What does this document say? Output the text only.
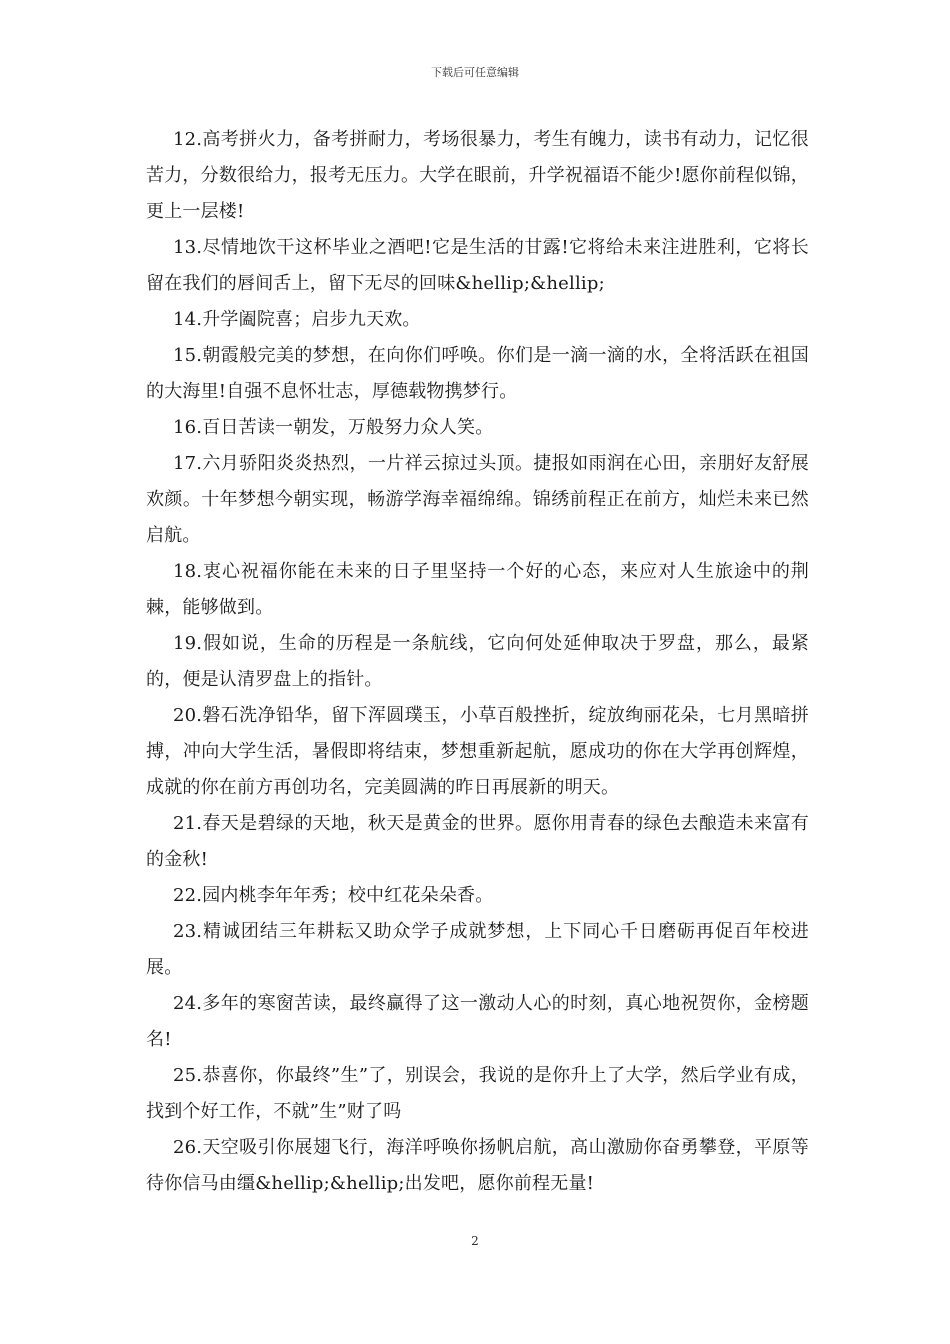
下载后可任意编辑

12.高考拼火力，备考拼耐力，考场很暴力，考生有魄力，读书有动力，记忆很苦力，分数很给力，报考无压力。大学在眼前，升学祝福语不能少!愿你前程似锦，更上一层楼!

13.尽情地饮干这杯毕业之酒吧!它是生活的甘露!它将给未来注进胜利，它将长留在我们的唇间舌上，留下无尽的回味&hellip;&hellip;

14.升学阖院喜；启步九天欢。

15.朝霞般完美的梦想，在向你们呼唤。你们是一滴一滴的水，全将活跃在祖国的大海里!自强不息怀壮志，厚德载物携梦行。

16.百日苦读一朝发，万般努力众人笑。

17.六月骄阳炎炎热烈，一片祥云掠过头顶。捷报如雨润在心田，亲朋好友舒展欢颜。十年梦想今朝实现，畅游学海幸福绵绵。锦绣前程正在前方，灿烂未来已然启航。

18.衷心祝福你能在未来的日子里坚持一个好的心态，来应对人生旅途中的荆棘，能够做到。

19.假如说，生命的历程是一条航线，它向何处延伸取决于罗盘，那么，最紧的，便是认清罗盘上的指针。

20.磐石洗净铅华，留下浑圆璞玉，小草百般挫折，绽放绚丽花朵，七月黑暗拼搏，冲向大学生活，暑假即将结束，梦想重新起航，愿成功的你在大学再创辉煌，成就的你在前方再创功名，完美圆满的昨日再展新的明天。

21.春天是碧绿的天地，秋天是黄金的世界。愿你用青春的绿色去酿造未来富有的金秋!

22.园内桃李年年秀；校中红花朵朵香。

23.精诚团结三年耕耘又助众学子成就梦想，上下同心千日磨砺再促百年校进展。

24.多年的寒窗苦读，最终赢得了这一激动人心的时刻，真心地祝贺你，金榜题名!

25.恭喜你，你最终”生”了，别误会，我说的是你升上了大学，然后学业有成，找到个好工作，不就”生”财了吗

26.天空吸引你展翅飞行，海洋呼唤你扬帆启航，高山激励你奋勇攀登，平原等待你信马由缰&hellip;&hellip;出发吧，愿你前程无量!

2
